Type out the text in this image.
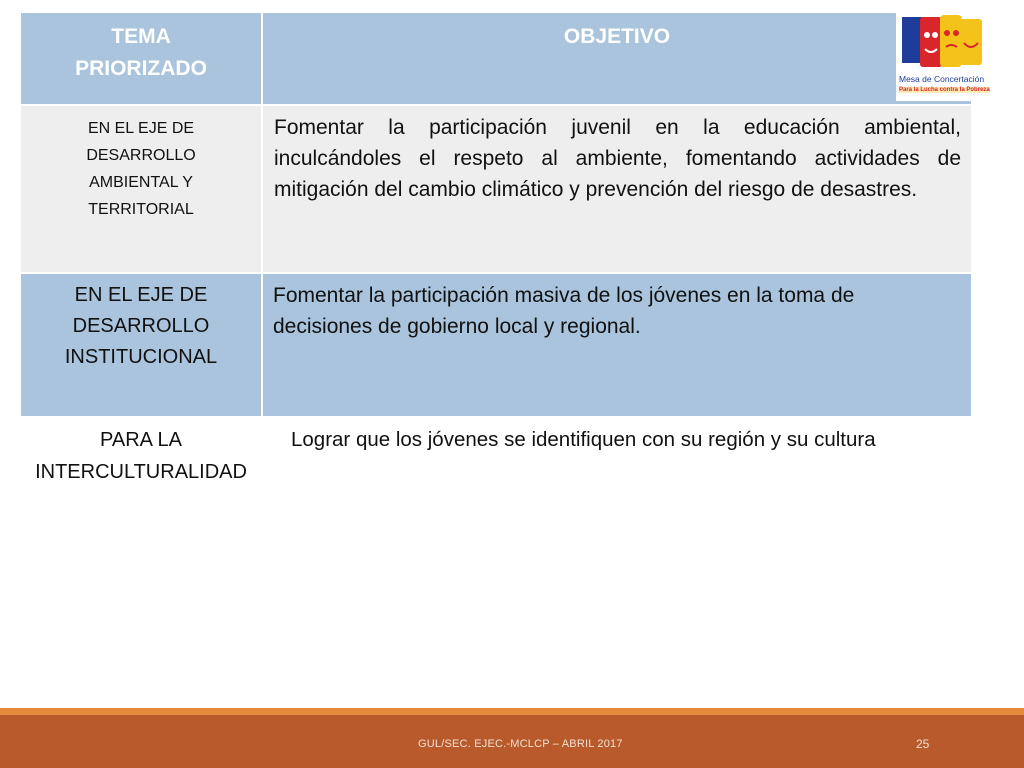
TEMA PRIORIZADO
OBJETIVO
EN EL EJE DE DESARROLLO AMBIENTAL Y TERRITORIAL
Fomentar la participación juvenil en la educación ambiental, inculcándoles el respeto al ambiente, fomentando actividades de mitigación del cambio climático y prevención del riesgo de desastres.
EN EL EJE DE DESARROLLO INSTITUCIONAL
Fomentar la participación masiva de los jóvenes en la toma de decisiones de gobierno local y regional.
PARA LA INTERCULTURALIDAD
Lograr que los jóvenes se identifiquen con su región y su cultura
Mesa de Concertación
Para la Lucha contra la Pobreza
GUL/SEC. EJEC.-MCLCP – ABRIL 2017	25
